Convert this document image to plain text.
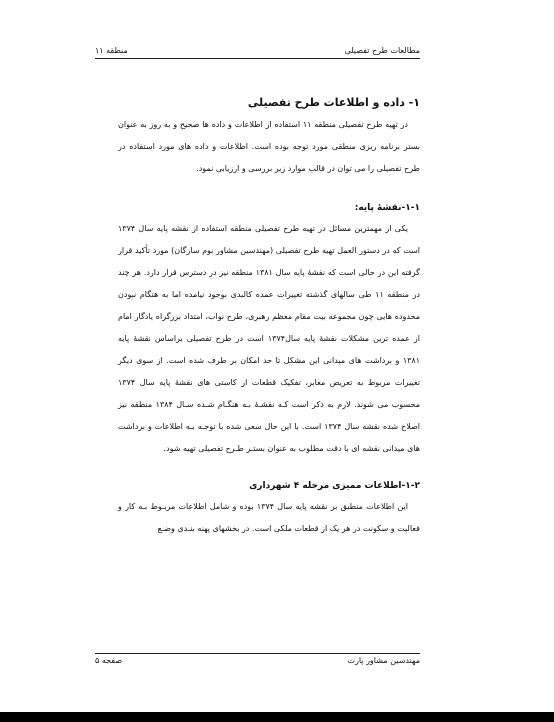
مطالعات طرح تفصیلی
منطقه ۱۱
۱- داده و اطلاعات طرح تفصیلی

در تهیه طرح تفصیلی منطقه ۱۱ استفاده از اطلاعات و داده ها صحیح و به روز به عنوان بستر برنامه ریزی منطقی مورد توجه بوده است. اطلاعات و داده های مورد استفاده در طرح تفصیلی را می توان در قالب موارد زیر بررسی و ارزیابی نمود.

۱-۱-نقشهٔ پایه:

یکی از مهمترین مسائل در تهیه طرح تفصیلی منطقه استفاده از نقشه پایه سال ۱۳۷۴ است که در دستور العمل تهیه طرح تفصیلی (مهندسین مشاور بوم سازگان) مورد تأکید قرار گرفته این در حالی است که نقشهٔ پایه سال ۱۳۸۱ منطقه نیز در دسترس قرار دارد. هر چند در منطقه ۱۱ طی سالهای گذشته تغییرات عمده کالبدی بوجود نیامده اما به هنگام نبودن محدوده هایی چون مجموعه بیت مقام معظم رهبری، طرح نواب، امتداد بزرگراه یادگار امام از عمده ترین مشکلات نقشهٔ پایه سال۱۳۷۴ است در طرح تفصیلی براساس نقشهٔ پایه ۱۳۸۱ و برداشت های میدانی این مشکل تا حد امکان بر طرف شده است. از سوی دیگر تغییرات مربوط به تعریض معابر، تفکیک قطعات از کاستی های نقشهٔ پایه سال ۱۳۷۴ محسوب می شوند. لازم به ذکر است کـه نقشـهٔ بـه هنگـام شـده سـال ۱۳۸۴ منطقه نیز اصلاح شده نقشه سال ۱۳۷۴ است. با این حال سعی شده با توجـه بـه اطلاعات و برداشت های میدانی نقشه ای با دقت مطلوب به عنوان بستـر طـرح تفصیلی تهیه شود.

۱-۲-اطلاعات ممیزی مرحله ۴ شهرداری

این اطلاعات منطبق بر نقشه پایه سال ۱۳۷۴ بوده و شامل اطلاعات مربـوط بـه کار و فعالیت و سکونت در هر یک از قطعات ملکی است. در بخشهای پهنه بنـدی وضـع

مهندسین مشاور پارت
صفحه ۵
